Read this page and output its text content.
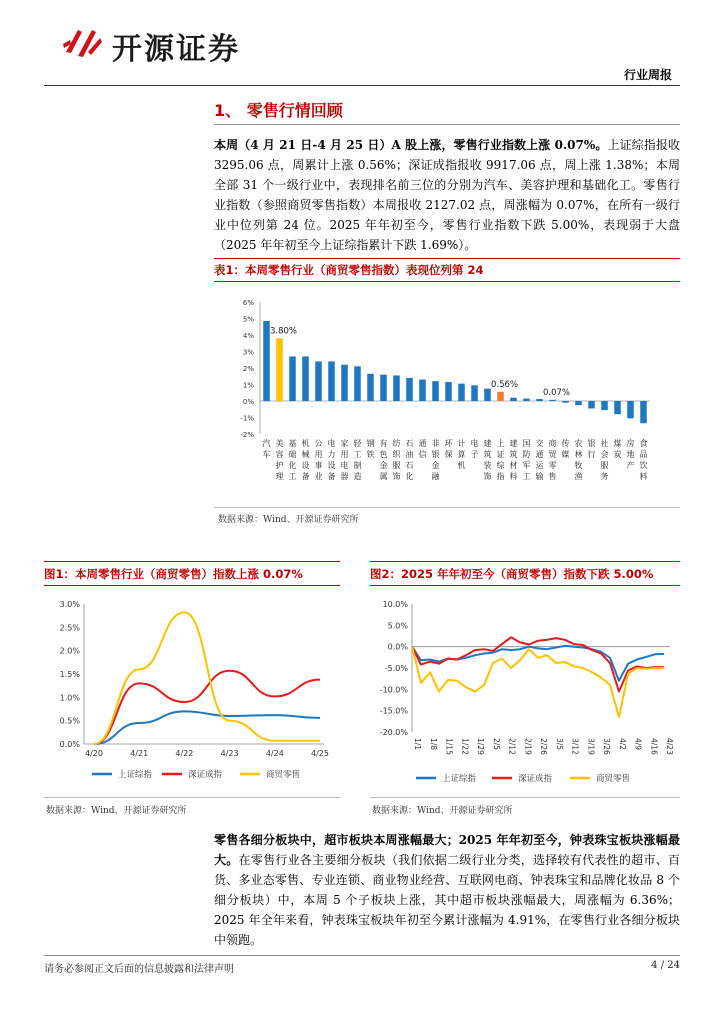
开源证券
行业周报
1、 零售行情回顾
本周（4 月 21 日-4 月 25 日）A 股上涨，零售行业指数上涨 0.07%。上证综指报收 3295.06 点，周累计上涨 0.56%；深证成指报收 9917.06 点，周上涨 1.38%；本周全部 31 个一级行业中，表现排名前三位的分别为汽车、美容护理和基础化工。零售行业指数（参照商贸零售指数）本周报收 2127.02 点，周涨幅为 0.07%，在所有一级行业中位列第 24 位。2025 年年初至今，零售行业指数下跌 5.00%，表现弱于大盘（2025 年年初至今上证综指累计下跌 1.69%）。
表1：本周零售行业（商贸零售指数）表现位列第 24
6%
5%
4%
3%
2%
1%
0%
-1%
-2%
汽车
美容护理
基础化工
机械设备
公用事业
电力设备
家用电器
轻工制造
钢铁
有色金属
纺织服饰
石油石化
通信
非银金融
环保
计算机
电子
建筑装饰
上证综指
建筑材料
国防军工
交通运输
商贸零售
传媒
农林牧渔
银行
社会服务
煤炭
房地产
食品饮料
3.80%
0.56%
0.07%
数据来源：Wind、开源证券研究所
图1：本周零售行业（商贸零售）指数上涨 0.07%
0.0%
0.5%
1.0%
1.5%
2.0%
2.5%
3.0%
4/20	4/21	4/22	4/23	4/24	4/25
上证综指	深证成指	商贸零售
数据来源：Wind、开源证券研究所
图2：2025 年年初至今（商贸零售）指数下跌 5.00%
10.0%
5.0%
0.0%
-5.0%
-10.0%
-15.0%
-20.0%
1/1 1/8 1/15 1/22 1/29 2/5 2/12 2/19 2/26 3/5 3/12 3/19 3/26 4/2 4/9 4/16 4/23
上证综指	深证成指	商贸零售
数据来源：Wind、开源证券研究所
零售各细分板块中，超市板块本周涨幅最大；2025 年年初至今，钟表珠宝板块涨幅最大。在零售行业各主要细分板块（我们依据二级行业分类，选择较有代表性的超市、百货、多业态零售、专业连锁、商业物业经营、互联网电商、钟表珠宝和品牌化妆品 8 个细分板块）中，本周 5 个子板块上涨，其中超市板块涨幅最大，周涨幅为 6.36%；2025 年全年来看，钟表珠宝板块年初至今累计涨幅为 4.91%，在零售行业各细分板块中领跑。
请务必参阅正文后面的信息披露和法律声明	4 / 24
